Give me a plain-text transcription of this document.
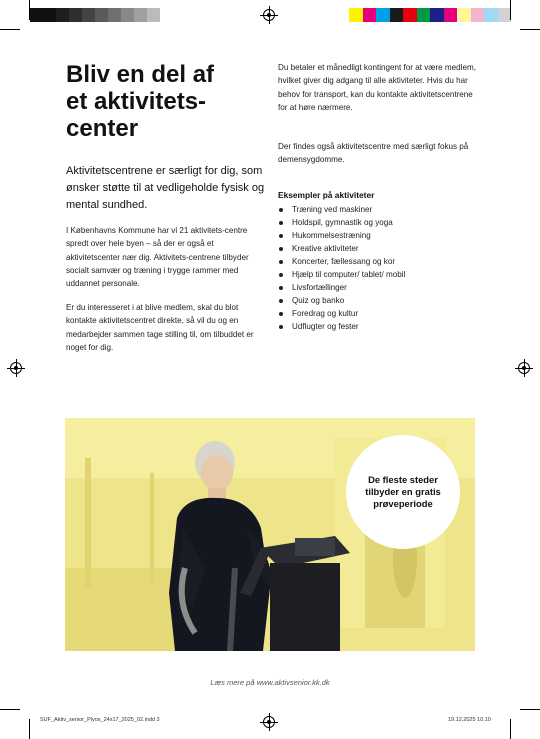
Bliv en del af
et aktivitets-
center
Aktivitetscentrene er særligt for dig, som ønsker støtte til at vedligeholde fysisk og mental sundhed.
I Københavns Kommune har vi 21 aktivitets-centre spredt over hele byen – så der er også et aktivitetscenter nær dig. Aktivitets-centrene tilbyder socialt samvær og træning i trygge rammer med uddannet personale.
Er du interesseret i at blive medlem, skal du blot kontakte aktivitetscentret direkte, så vil du og en medarbejder sammen tage stilling til, om tilbuddet er noget for dig.
Du betaler et månedligt kontingent for at være medlem, hvilket giver dig adgang til alle aktiviteter. Hvis du har behov for transport, kan du kontakte aktivitetscentrene for at høre nærmere.
Der findes også aktivitetscentre med særligt fokus på demensygdomme.
Eksempler på aktiviteter
Træning ved maskiner
Holdspil, gymnastik og yoga
Hukommelsestræning
Kreative aktiviteter
Koncerter, fællessang og kor
Hjælp til computer/ tablet/ mobil
Livsfortællinger
Quiz og banko
Foredrag og kultur
Udflugter og fester
De fleste steder tilbyder en gratis prøveperiode
Læs mere på www.aktivsenior.kk.dk
SUF_Aktiv_senior_Plyos_24x17_2025_02.indd 3	19.12.2025 10.10
